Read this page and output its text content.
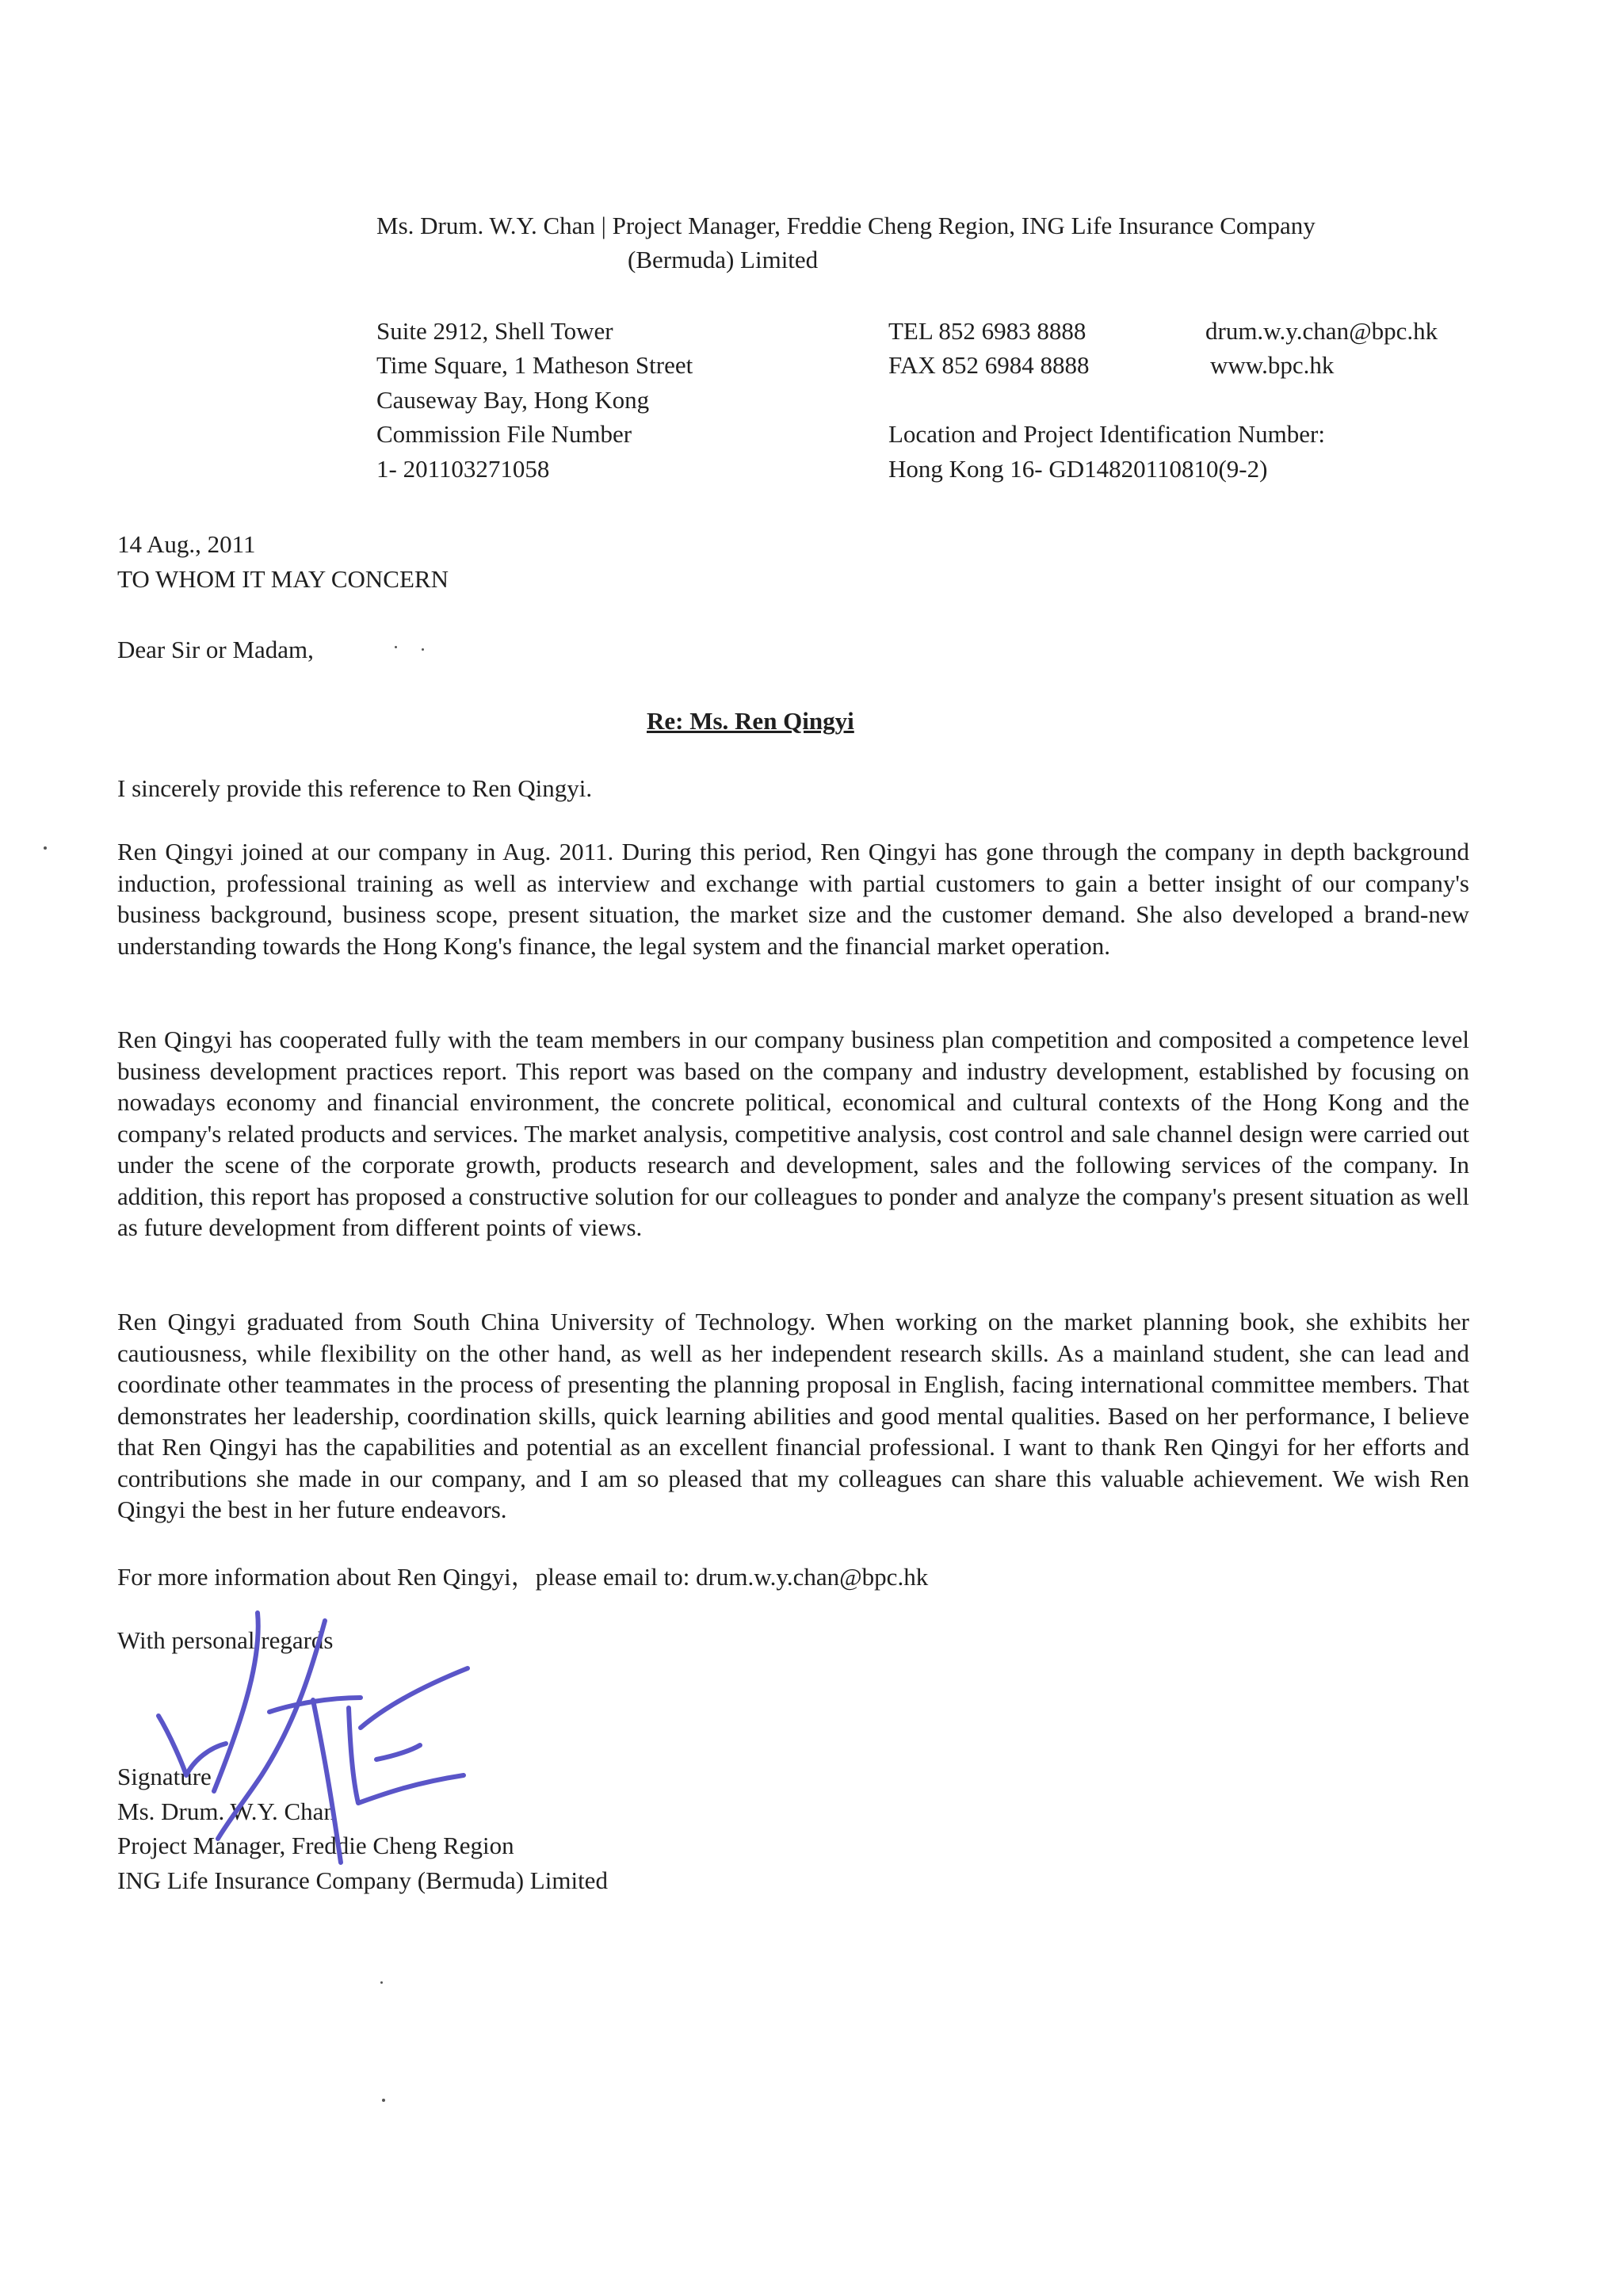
Ms. Drum. W.Y. Chan | Project Manager, Freddie Cheng Region, ING Life Insurance Company
(Bermuda) Limited
Suite 2912, Shell Tower
Time Square, 1 Matheson Street
Causeway Bay, Hong Kong
Commission File Number
1- 201103271058
TEL 852 6983 8888
FAX 852 6984 8888
drum.w.y.chan@bpc.hk
www.bpc.hk
Location and Project Identification Number:
Hong Kong 16- GD14820110810(9-2)
14 Aug., 2011
TO WHOM IT MAY CONCERN
Dear Sir or Madam,
Re: Ms. Ren Qingyi
I sincerely provide this reference to Ren Qingyi.
Ren Qingyi joined at our company in Aug. 2011. During this period, Ren Qingyi has gone through the company in depth background induction, professional training as well as interview and exchange with partial customers to gain a better insight of our company's business background, business scope, present situation, the market size and the customer demand. She also developed a brand-new understanding towards the Hong Kong's finance, the legal system and the financial market operation.
Ren Qingyi has cooperated fully with the team members in our company business plan competition and composited a competence level business development practices report. This report was based on the company and industry development, established by focusing on nowadays economy and financial environment, the concrete political, economical and cultural contexts of the Hong Kong and the company's related products and services. The market analysis, competitive analysis, cost control and sale channel design were carried out under the scene of the corporate growth, products research and development, sales and the following services of the company. In addition, this report has proposed a constructive solution for our colleagues to ponder and analyze the company's present situation as well as future development from different points of views.
Ren Qingyi graduated from South China University of Technology. When working on the market planning book, she exhibits her cautiousness, while flexibility on the other hand, as well as her independent research skills. As a mainland student, she can lead and coordinate other teammates in the process of presenting the planning proposal in English, facing international committee members. That demonstrates her leadership, coordination skills, quick learning abilities and good mental qualities. Based on her performance, I believe that Ren Qingyi has the capabilities and potential as an excellent financial professional. I want to thank Ren Qingyi for her efforts and contributions she made in our company, and I am so pleased that my colleagues can share this valuable achievement. We wish Ren Qingyi the best in her future endeavors.
For more information about Ren Qingyi，please email to: drum.w.y.chan@bpc.hk
With personal regards
Signature
Ms. Drum. W.Y. Chan
Project Manager, Freddie Cheng Region
ING Life Insurance Company (Bermuda) Limited
